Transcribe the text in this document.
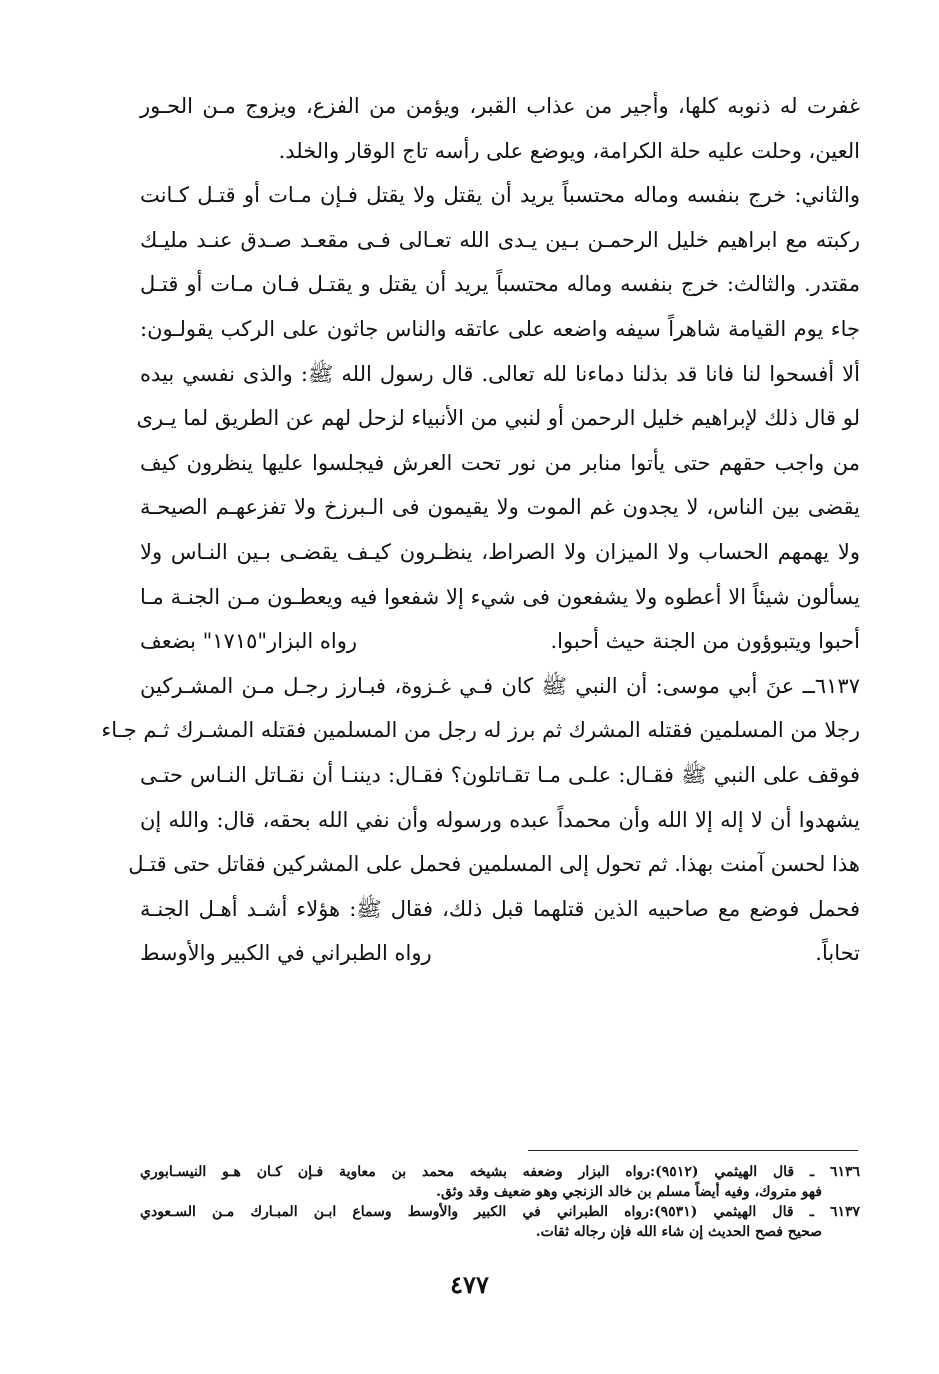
غفرت له ذنوبه كلها، وأجير من عذاب القبر، ويؤمن من الفزع، ويزوج مـن الحـور
العين، وحلت عليه حلة الكرامة، ويوضع على رأسه تاج الوقار والخلد.
والثاني: خرج بنفسه وماله محتسباً يريد أن يقتل ولا يقتل فـإن مـات أو قتـل كـانت
ركبته مع ابراهيم خليل الرحمـن بـين يـدى الله تعـالى فـى مقعـد صـدق عنـد مليـك
مقتدر. والثالث: خرج بنفسه وماله محتسباً يريد أن يقتل و يقتـل فـان مـات أو قتـل
جاء يوم القيامة شاهراً سيفه واضعه على عاتقه والناس جاثون على الركب يقولـون:
ألا أفسحوا لنا فانا قد بذلنا دماءنا لله تعالى. قال رسول الله ﷺ: والذى نفسي بيده
لو قال ذلك لإبراهيم خليل الرحمن أو لنبي من الأنبياء لزحل لهم عن الطريق لما يـرى
من واجب حقهم حتى يأتوا منابر من نور تحت العرش فيجلسوا عليها ينظرون كيف
يقضى بين الناس، لا يجدون غم الموت ولا يقيمون فى الـبرزخ ولا تفزعهـم الصيحـة
ولا يهمهم الحساب ولا الميزان ولا الصراط، ينظـرون كيـف يقضـى بـين النـاس ولا
يسألون شيئاً الا أعطوه ولا يشفعون فى شيء إلا شفعوا فيه ويعطـون مـن الجنـة مـا
أحبوا ويتبوؤون من الجنة حيث أحبوا.
رواه البزار"١٧١٥" بضعف
٦١٣٧ــ عنَ أبي موسى: أن النبي ﷺ كان فـي غـزوة، فبـارز رجـل مـن المشـركين
رجلا من المسلمين فقتله المشرك ثم برز له رجل من المسلمين فقتله المشـرك ثـم جـاء
فوقف على النبي ﷺ فقـال: علـى مـا تقـاتلون؟ فقـال: ديننـا أن نقـاتل النـاس حتـى
يشهدوا أن لا إله إلا الله وأن محمداً عبده ورسوله وأن نفي الله بحقه، قال: والله إن
هذا لحسن آمنت بهذا. ثم تحول إلى المسلمين فحمل على المشركين فقاتل حتى قتـل
فحمل فوضع مع صاحبيه الذين قتلهما قبل ذلك، فقال ﷺ: هؤلاء أشـد أهـل الجنـة
تحاباً.
رواه الطبراني في الكبير والأوسط
٦١٣٦ ـ قال الهيثمي (٩٥١٢):رواه البزار وضعفه بشيخه محمد بن معاوية فـإن كـان هـو النيسـابوري
فهو متروك، وفيه أيضاً مسلم بن خالد الزنجي وهو ضعيف وقد وثق.
٦١٣٧ ـ قال الهيثمي (٩٥٣١):رواه الطبراني في الكبير والأوسط وسماع ابـن المبـارك مـن السـعودي
صحيح فصح الحديث إن شاء الله فإن رجاله ثقات.
٤٧٧
